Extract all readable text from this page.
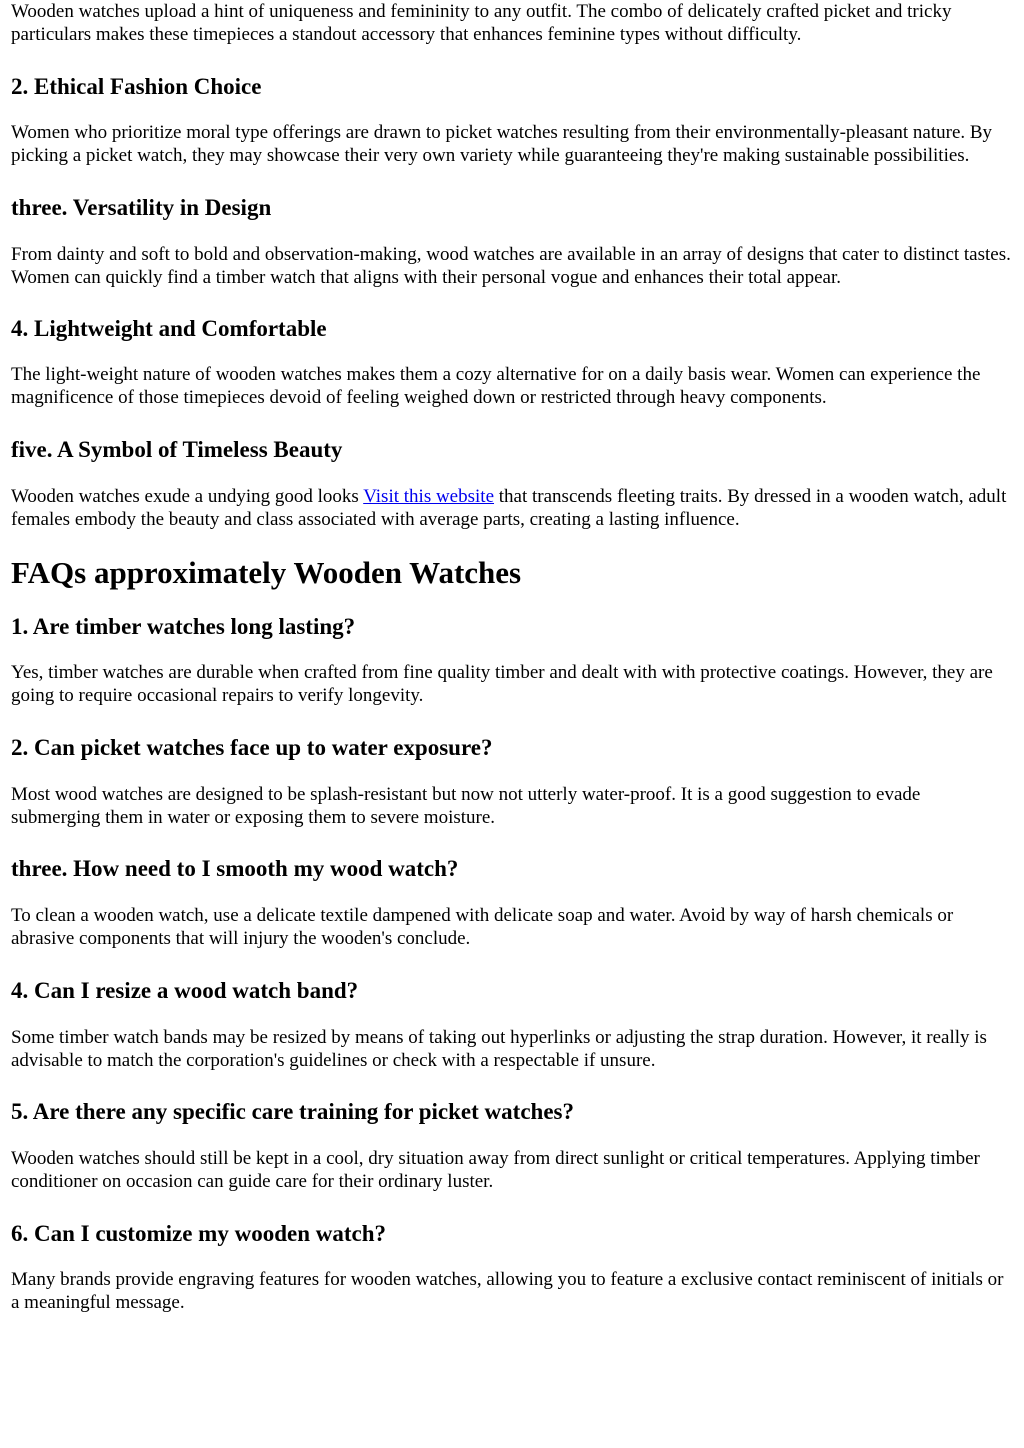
Wooden watches upload a hint of uniqueness and femininity to any outfit. The combo of delicately crafted picket and tricky particulars makes these timepieces a standout accessory that enhances feminine types without difficulty.

2. Ethical Fashion Choice

Women who prioritize moral type offerings are drawn to picket watches resulting from their environmentally-pleasant nature. By picking a picket watch, they may showcase their very own variety while guaranteeing they're making sustainable possibilities.

three. Versatility in Design

From dainty and soft to bold and observation-making, wood watches are available in an array of designs that cater to distinct tastes. Women can quickly find a timber watch that aligns with their personal vogue and enhances their total appear.

4. Lightweight and Comfortable

The light-weight nature of wooden watches makes them a cozy alternative for on a daily basis wear. Women can experience the magnificence of those timepieces devoid of feeling weighed down or restricted through heavy components.

five. A Symbol of Timeless Beauty

Wooden watches exude a undying good looks Visit this website that transcends fleeting traits. By dressed in a wooden watch, adult females embody the beauty and class associated with average parts, creating a lasting influence.

FAQs approximately Wooden Watches
1. Are timber watches long lasting?

Yes, timber watches are durable when crafted from fine quality timber and dealt with with protective coatings. However, they are going to require occasional repairs to verify longevity.

2. Can picket watches face up to water exposure?

Most wood watches are designed to be splash-resistant but now not utterly water-proof. It is a good suggestion to evade submerging them in water or exposing them to severe moisture.

three. How need to I smooth my wood watch?

To clean a wooden watch, use a delicate textile dampened with delicate soap and water. Avoid by way of harsh chemicals or abrasive components that will injury the wooden's conclude.

4. Can I resize a wood watch band?

Some timber watch bands may be resized by means of taking out hyperlinks or adjusting the strap duration. However, it really is advisable to match the corporation's guidelines or check with a respectable if unsure.

5. Are there any specific care training for picket watches?

Wooden watches should still be kept in a cool, dry situation away from direct sunlight or critical temperatures. Applying timber conditioner on occasion can guide care for their ordinary luster.

6. Can I customize my wooden watch?

Many brands provide engraving features for wooden watches, allowing you to feature a exclusive contact reminiscent of initials or a meaningful message.
